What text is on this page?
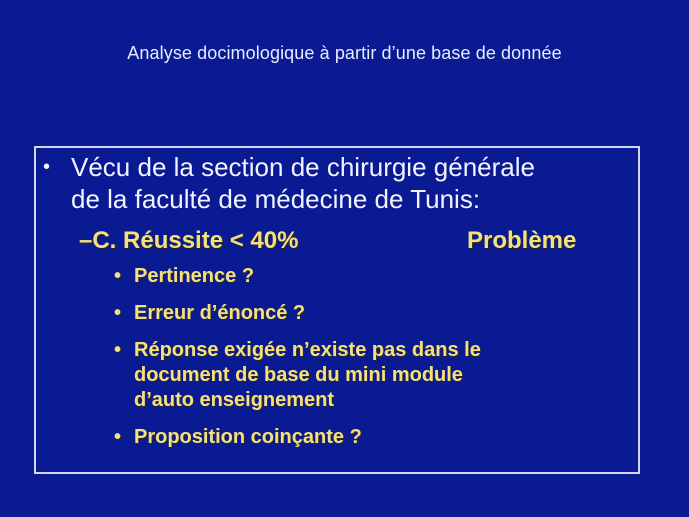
Analyse docimologique à partir d’une base de donnée
• Vécu de la section de chirurgie générale
de la faculté de médecine de Tunis:
–C. Réussite < 40%	Problème
• Pertinence ?
• Erreur d’énoncé ?
• Réponse exigée n’existe pas dans le
document de base du mini module
d’auto enseignement
• Proposition coinçante ?
